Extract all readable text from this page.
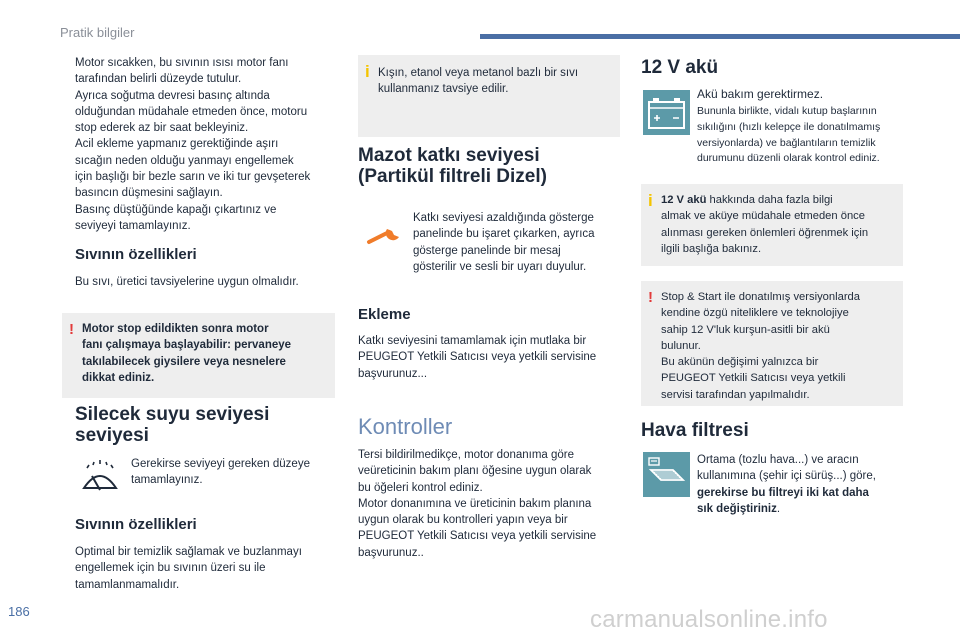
Pratik bilgiler
Motor sıcakken, bu sıvının ısısı motor fanı
tarafından belirli düzeyde tutulur.
Ayrıca soğutma devresi basınç altında
olduğundan müdahale etmeden önce, motoru
stop ederek az bir saat bekleyiniz.
Acil ekleme yapmanız gerektiğinde aşırı
sıcağın neden olduğu yanmayı engellemek
için başlığı bir bezle sarın ve iki tur gevşeterek
basıncın düşmesini sağlayın.
Basınç düştüğünde kapağı çıkartınız ve
seviyeyi tamamlayınız.
Sıvının özellikleri
Bu sıvı, üretici tavsiyelerine uygun olmalıdır.
! Motor stop edildikten sonra motor
fanı çalışmaya başlayabilir: pervaneye
takılabilecek giysilere veya nesnelere
dikkat ediniz.
Silecek suyu seviyesi
seviyesi
Gerekirse seviyeyi gereken düzeye
tamamlayınız.
Sıvının özellikleri
Optimal bir temizlik sağlamak ve buzlanmayı
engellemek için bu sıvının üzeri su ile
tamamlanmamalıdır.
i Kışın, etanol veya metanol bazlı bir sıvı
kullanmanız tavsiye edilir.
Mazot katkı seviyesi
(Partikül filtreli Dizel)
Katkı seviyesi azaldığında gösterge
panelinde bu işaret çıkarken, ayrıca
gösterge panelinde bir mesaj
gösterilir ve sesli bir uyarı duyulur.
Ekleme
Katkı seviyesini tamamlamak için mutlaka bir
PEUGEOT Yetkili Satıcısı veya yetkili servisine
başvurunuz...
Kontroller
Tersi bildirilmedikçe, motor donanıma göre
veüreticinin bakım planı öğesine uygun olarak
bu öğeleri kontrol ediniz.
Motor donanımına ve üreticinin bakım planına
uygun olarak bu kontrolleri yapın veya bir
PEUGEOT Yetkili Satıcısı veya yetkili servisine
başvurunuz..
12 V akü
Akü bakım gerektirmez.
Bununla birlikte, vidalı kutup başlarının
sıkılığını (hızlı kelepçe ile donatılmamış
versiyonlarda) ve bağlantıların temizlik
durumunu düzenli olarak kontrol ediniz.
i 12 V akü hakkında daha fazla bilgi
almak ve aküye müdahale etmeden önce
alınması gereken önlemleri öğrenmek için
ilgili başlığa bakınız.
! Stop & Start ile donatılmış versiyonlarda
kendine özgü niteliklere ve teknolojiye
sahip 12 V'luk kurşun-asitli bir akü
bulunur.
Bu akünün değişimi yalnızca bir
PEUGEOT Yetkili Satıcısı veya yetkili
servisi tarafından yapılmalıdır.
Hava filtresi
Ortama (tozlu hava...) ve aracın
kullanımına (şehir içi sürüş...) göre,
gerekirse bu filtreyi iki kat daha
sık değiştiriniz.
186	carmanualsonline.info
